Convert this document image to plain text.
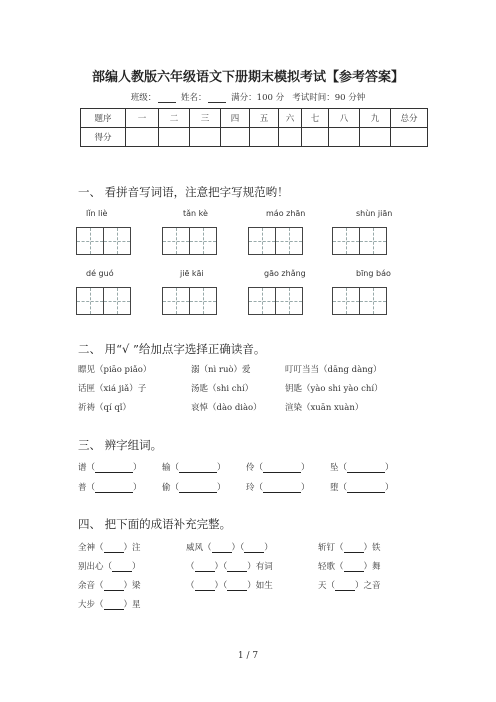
部编人教版六年级语文下册期末模拟考试【参考答案】
班级：	姓名：	满分：100 分 考试时间：90 分钟
题序	一	二	三	四	五	六	七	八	九	总分
得分										
一、 看拼音写词语，注意把字写规范哟！
lǐn liè	tǎn kè	máo zhān	shùn jiān
dé guó	jiē kāi	gāo zhǎng	bīng báo
二、 用“√ ”给加点字选择正确读音。
瞟见（piāo piǎo）	溺（nì ruò）爱	叮叮当当（dāng dàng）
话匣（xiá jiǎ）子	汤匙（shi chí）	钥匙（yào shi yào chí）
祈祷（qí qǐ）	哀悼（dào diào）	渲染（xuān xuàn）
三、 辨字组词。
谱（	） 输（	） 伶（	） 坠（	）
普（	） 偷（	） 玲（	） 堕（	）
四、 把下面的成语补充完整。
全神（ ）注	威风（ ）（ ）	斩钉（ ）铁
别出心（ ）	（ ）（ ）有词	轻歌（ ）舞
余音（ ）梁	（ ）（ ）如生	天（ ）之音
大步（ ）星
1 / 7
